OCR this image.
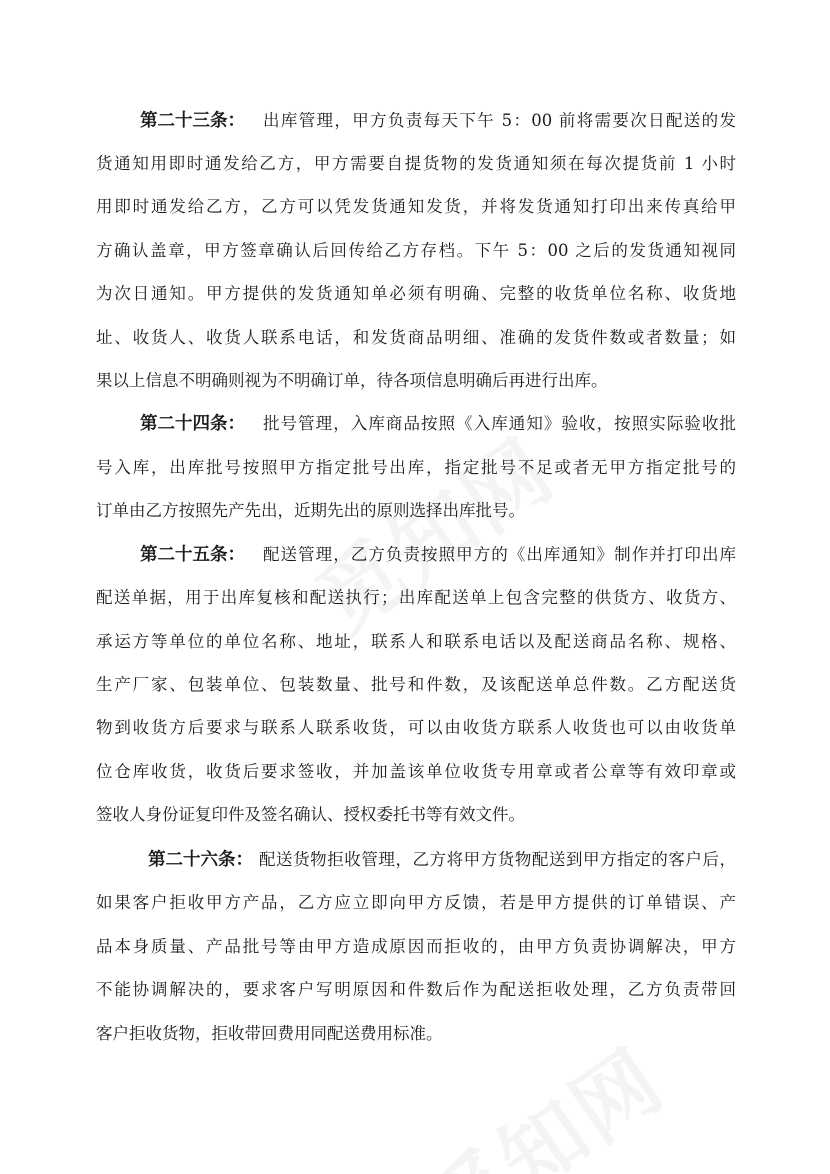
第二十三条： 出库管理，甲方负责每天下午 5：00 前将需要次日配送的发
货通知用即时通发给乙方，甲方需要自提货物的发货通知须在每次提货前 1 小时
用即时通发给乙方，乙方可以凭发货通知发货，并将发货通知打印出来传真给甲
方确认盖章，甲方签章确认后回传给乙方存档。下午 5：00 之后的发货通知视同
为次日通知。甲方提供的发货通知单必须有明确、完整的收货单位名称、收货地
址、收货人、收货人联系电话，和发货商品明细、准确的发货件数或者数量；如
果以上信息不明确则视为不明确订单，待各项信息明确后再进行出库。
第二十四条： 批号管理，入库商品按照《入库通知》验收，按照实际验收批
号入库，出库批号按照甲方指定批号出库，指定批号不足或者无甲方指定批号的
订单由乙方按照先产先出，近期先出的原则选择出库批号。
第二十五条： 配送管理，乙方负责按照甲方的《出库通知》制作并打印出库
配送单据，用于出库复核和配送执行；出库配送单上包含完整的供货方、收货方、
承运方等单位的单位名称、地址，联系人和联系电话以及配送商品名称、规格、
生产厂家、包装单位、包装数量、批号和件数，及该配送单总件数。乙方配送货
物到收货方后要求与联系人联系收货，可以由收货方联系人收货也可以由收货单
位仓库收货，收货后要求签收，并加盖该单位收货专用章或者公章等有效印章或
签收人身份证复印件及签名确认、授权委托书等有效文件。
第二十六条： 配送货物拒收管理，乙方将甲方货物配送到甲方指定的客户后，
如果客户拒收甲方产品，乙方应立即向甲方反馈，若是甲方提供的订单错误、产
品本身质量、产品批号等由甲方造成原因而拒收的，由甲方负责协调解决，甲方
不能协调解决的，要求客户写明原因和件数后作为配送拒收处理，乙方负责带回
客户拒收货物，拒收带回费用同配送费用标准。
